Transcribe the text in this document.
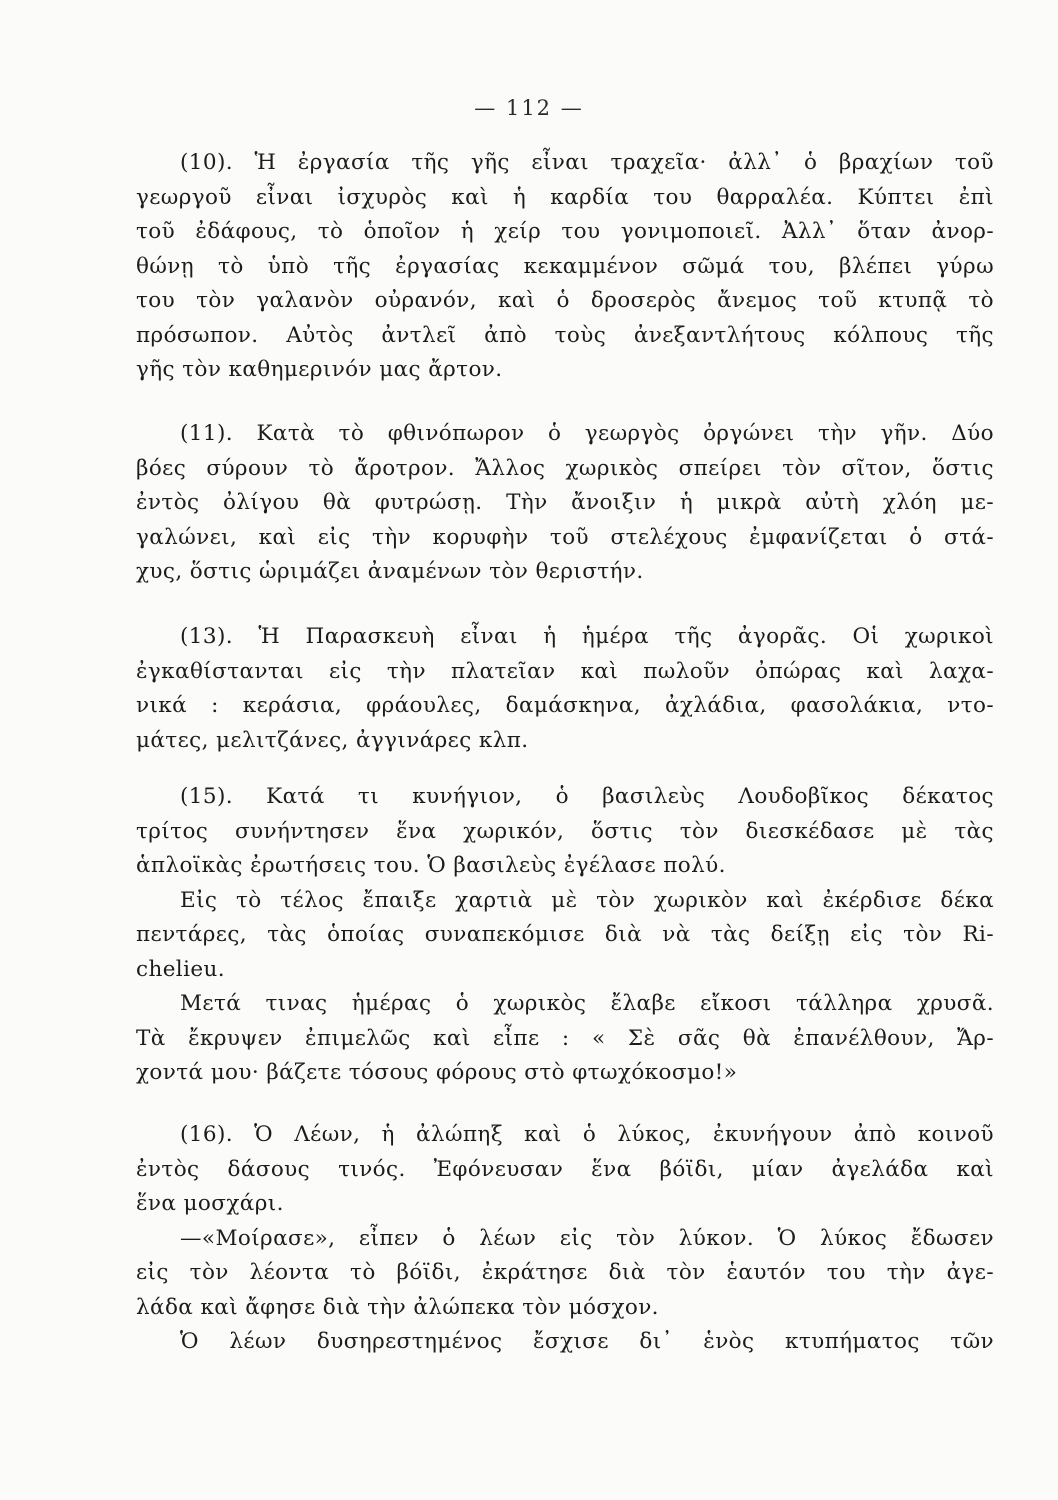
— 112 —
(10). Ἡ ἐργασία τῆς γῆς εἶναι τραχεῖα· ἀλλ᾽ ὁ βραχίων τοῦ
γεωργοῦ εἶναι ἰσχυρὸς καὶ ἡ καρδία του θαρραλέα. Κύπτει ἐπὶ
τοῦ ἐδάφους, τὸ ὁποῖον ἡ χείρ του γονιμοποιεῖ. Ἀλλ᾽ ὅταν ἀνορ-
θώνῃ τὸ ὑπὸ τῆς ἐργασίας κεκαμμένον σῶμά του, βλέπει γύρω
του τὸν γαλανὸν οὐρανόν, καὶ ὁ δροσερὸς ἄνεμος τοῦ κτυπᾷ τὸ
πρόσωπον. Αὐτὸς ἀντλεῖ ἀπὸ τοὺς ἀνεξαντλήτους κόλπους τῆς
γῆς τὸν καθημερινόν μας ἄρτον.
(11). Κατὰ τὸ φθινόπωρον ὁ γεωργὸς ὀργώνει τὴν γῆν. Δύο
βόες σύρουν τὸ ἄροτρον. Ἄλλος χωρικὸς σπείρει τὸν σῖτον, ὅστις
ἐντὸς ὀλίγου θὰ φυτρώσῃ. Τὴν ἄνοιξιν ἡ μικρὰ αὐτὴ χλόη με-
γαλώνει, καὶ εἰς τὴν κορυφὴν τοῦ στελέχους ἐμφανίζεται ὁ στά-
χυς, ὅστις ὡριμάζει ἀναμένων τὸν θεριστήν.
(13). Ἡ Παρασκευὴ εἶναι ἡ ἡμέρα τῆς ἀγορᾶς. Οἱ χωρικοὶ
ἐγκαθίστανται εἰς τὴν πλατεῖαν καὶ πωλοῦν ὀπώρας καὶ λαχα-
νικά : κεράσια, φράουλες, δαμάσκηνα, ἀχλάδια, φασολάκια, ντο-
μάτες, μελιτζάνες, ἀγγινάρες κλπ.
(15). Κατά τι κυνήγιον, ὁ βασιλεὺς Λουδοβῖκος δέκατος
τρίτος συνήντησεν ἕνα χωρικόν, ὅστις τὸν διεσκέδασε μὲ τὰς
ἁπλοϊκὰς ἐρωτήσεις του. Ὁ βασιλεὺς ἐγέλασε πολύ.
Εἰς τὸ τέλος ἔπαιξε χαρτιὰ μὲ τὸν χωρικὸν καὶ ἐκέρδισε δέκα
πεντάρες, τὰς ὁποίας συναπεκόμισε διὰ νὰ τὰς δείξῃ εἰς τὸν Ri-
chelieu.
Μετά τινας ἡμέρας ὁ χωρικὸς ἔλαβε εἴκοσι τάλληρα χρυσᾶ.
Τὰ ἔκρυψεν ἐπιμελῶς καὶ εἶπε : « Σὲ σᾶς θὰ ἐπανέλθουν, Ἄρ-
χοντά μου· βάζετε τόσους φόρους στὸ φτωχόκοσμο!»
(16). Ὁ Λέων, ἡ ἀλώπηξ καὶ ὁ λύκος, ἐκυνήγουν ἀπὸ κοινοῦ
ἐντὸς δάσους τινός. Ἐφόνευσαν ἕνα βόϊδι, μίαν ἀγελάδα καὶ
ἕνα μοσχάρι.
—«Μοίρασε», εἶπεν ὁ λέων εἰς τὸν λύκον. Ὁ λύκος ἔδωσεν
εἰς τὸν λέοντα τὸ βόϊδι, ἐκράτησε διὰ τὸν ἑαυτόν του τὴν ἀγε-
λάδα καὶ ἄφησε διὰ τὴν ἀλώπεκα τὸν μόσχον.
Ὁ λέων δυσηρεστημένος ἔσχισε δι᾽ ἑνὸς κτυπήματος τῶν
